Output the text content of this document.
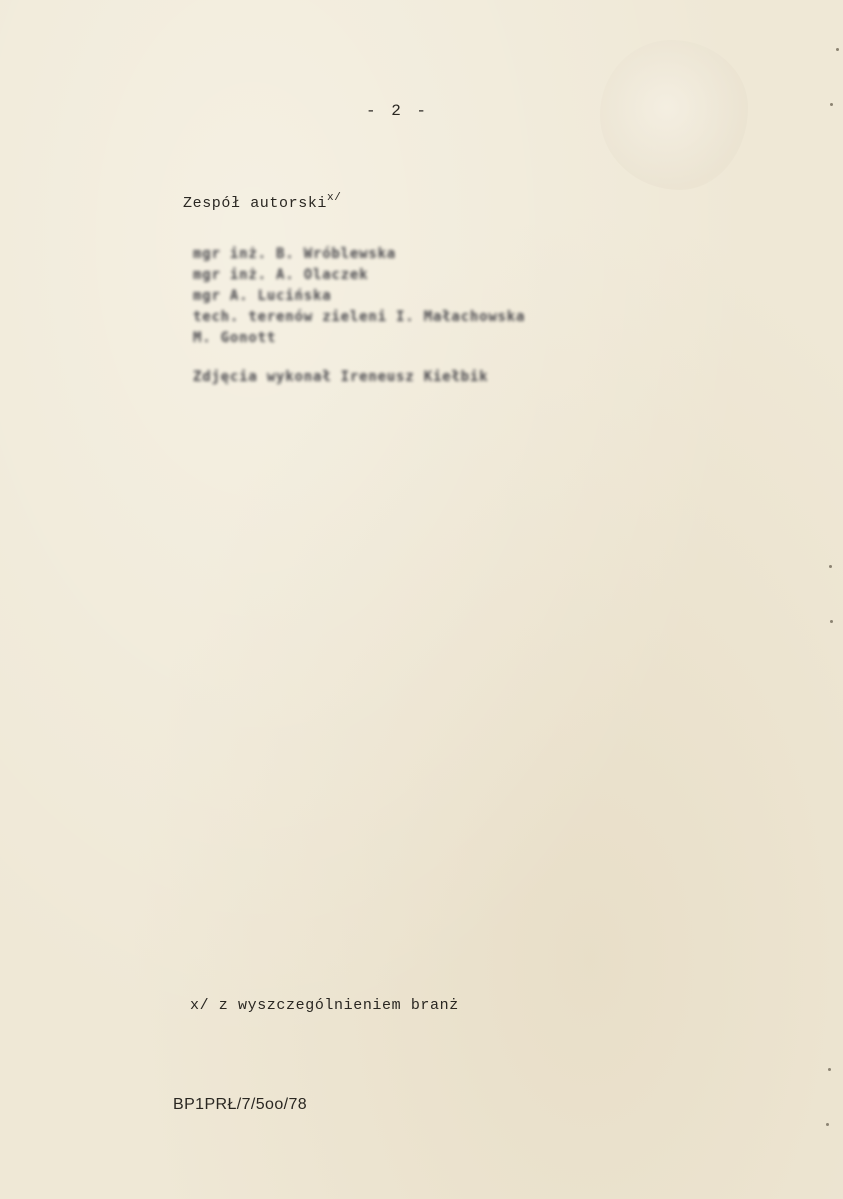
- 2 -
Zespół autorski$^{x/}$
mgr inż. B. Wróblewska
mgr inż. A. Olaczek
mgr A. Lucińska
tech. terenów zieleni I. Małachowska
M. Gonott
Zdjęcia wykonał Ireneusz Kiełbik
x/ z wyszczególnieniem branż
BP1PRŁ/7/5oo/78
